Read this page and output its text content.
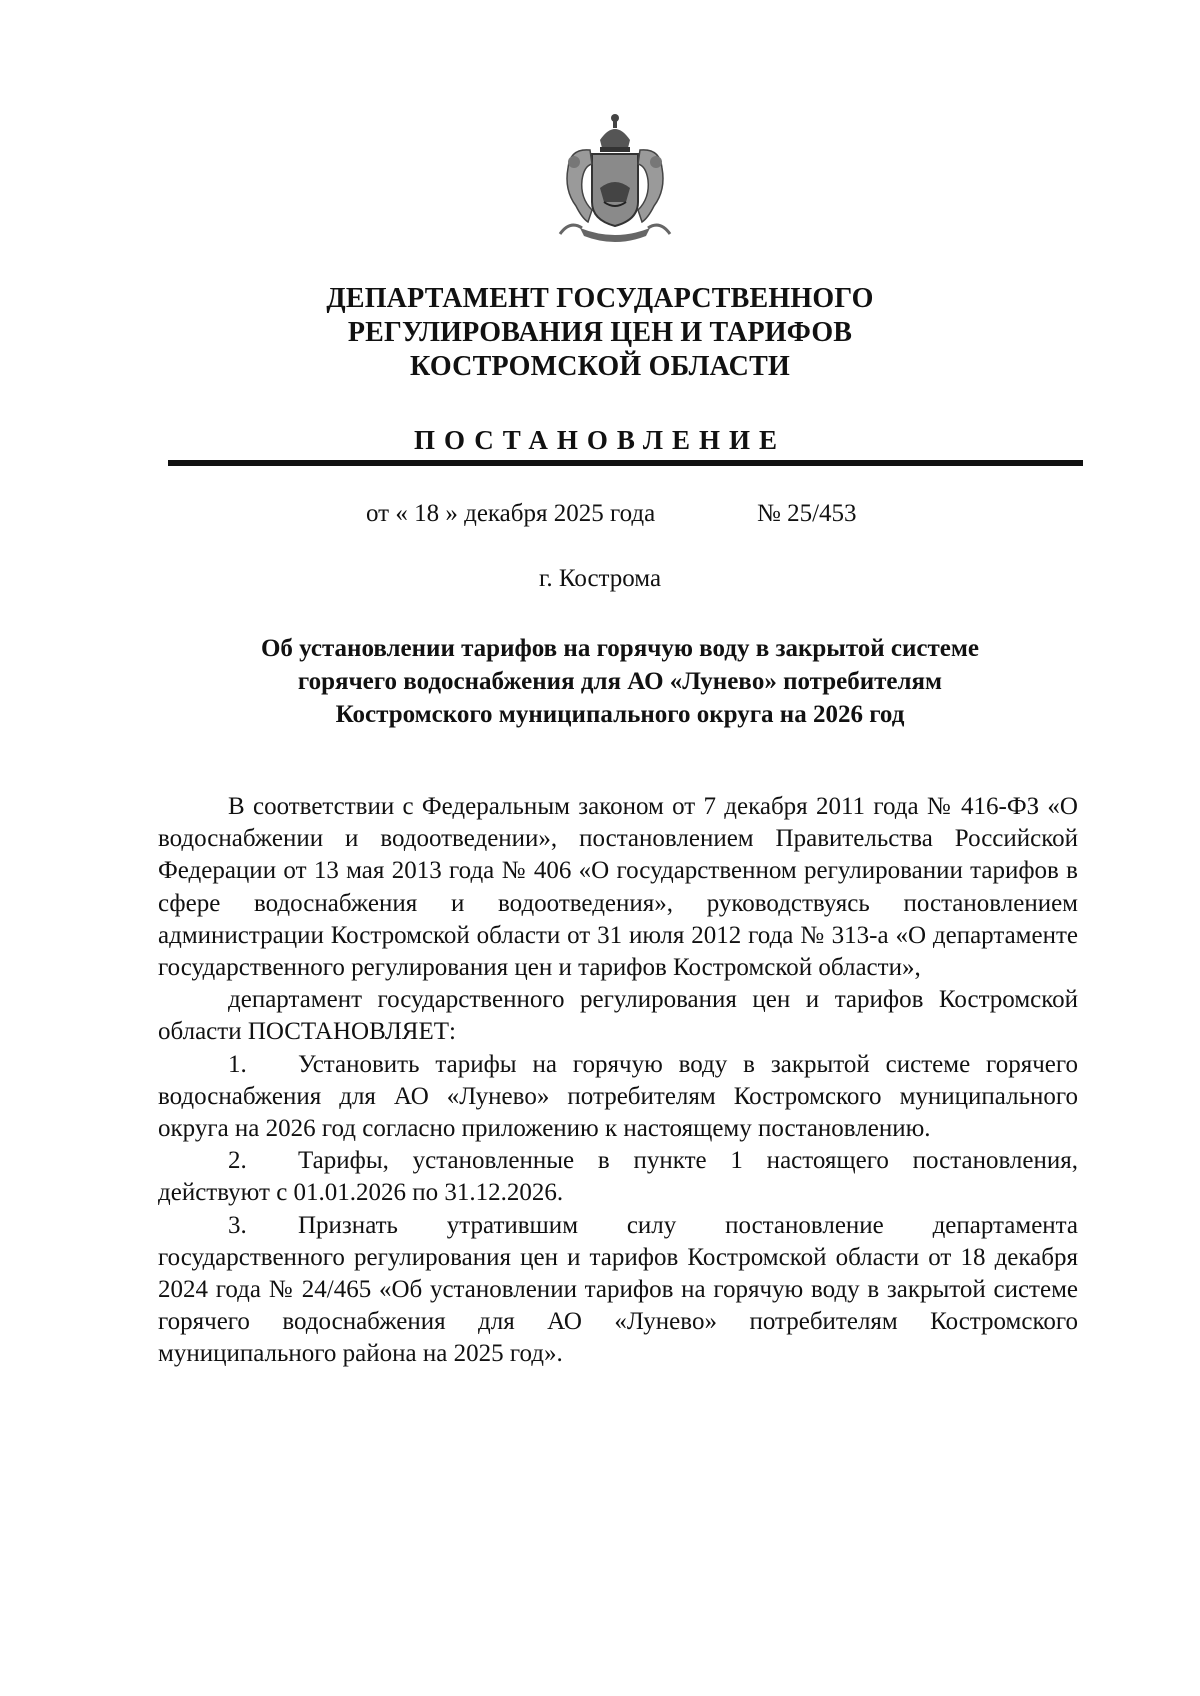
ДЕПАРТАМЕНТ ГОСУДАРСТВЕННОГО
РЕГУЛИРОВАНИЯ ЦЕН И ТАРИФОВ
КОСТРОМСКОЙ ОБЛАСТИ
ПОСТАНОВЛЕНИЕ
от « 18 » декабря 2025 года	№ 25/453
г. Кострома
Об установлении тарифов на горячую воду в закрытой системе
горячего водоснабжения для АО «Луневo» потребителям
Костромского муниципального округа на 2026 год

В соответствии с Федеральным законом от 7 декабря 2011 года № 416-ФЗ «О водоснабжении и водоотведении», постановлением Правительства Российской Федерации от 13 мая 2013 года № 406 «О государственном регулировании тарифов в сфере водоснабжения и водоотведения», руководствуясь постановлением администрации Костромской области от 31 июля 2012 года № 313-а «О департаменте государственного регулирования цен и тарифов Костромской области»,

департамент государственного регулирования цен и тарифов Костромской области ПОСТАНОВЛЯЕТ:

1. Установить тарифы на горячую воду в закрытой системе горячего водоснабжения для АО «Луневo» потребителям Костромского муниципального округа на 2026 год согласно приложению к настоящему постановлению.

2. Тарифы, установленные в пункте 1 настоящего постановления, действуют с 01.01.2026 по 31.12.2026.

3. Признать утратившим силу постановление департамента государственного регулирования цен и тарифов Костромской области от 18 декабря 2024 года № 24/465 «Об установлении тарифов на горячую воду в закрытой системе горячего водоснабжения для АО «Луневo» потребителям Костромского муниципального района на 2025 год».
